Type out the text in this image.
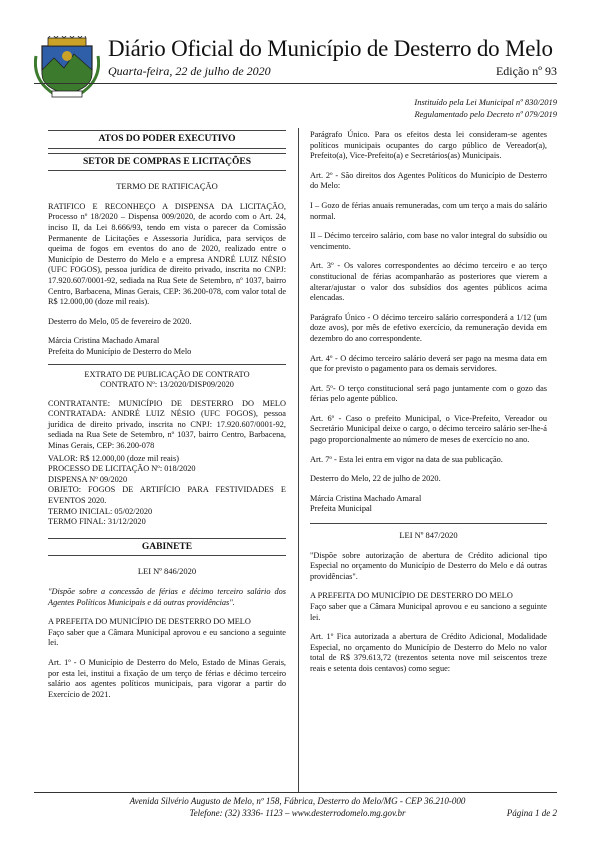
Diário Oficial do Município de Desterro do Melo
Quarta-feira, 22 de julho de 2020	Edição nº 93
Instituído pela Lei Municipal nº 830/2019
Regulamentado pelo Decreto nº 079/2019
ATOS DO PODER EXECUTIVO
SETOR DE COMPRAS E LICITAÇÕES
TERMO DE RATIFICAÇÃO

RATIFICO E RECONHEÇO A DISPENSA DA LICITAÇÃO, Processo nº 18/2020 – Dispensa 009/2020, de acordo com o Art. 24, inciso II, da Lei 8.666/93, tendo em vista o parecer da Comissão Permanente de Licitações e Assessoria Jurídica, para serviços de queima de fogos em eventos do ano de 2020, realizado entre o Município de Desterro do Melo e a empresa ANDRÉ LUIZ NÉSIO (UFC FOGOS), pessoa jurídica de direito privado, inscrita no CNPJ: 17.920.607/0001-92, sediada na Rua Sete de Setembro, nº 1037, bairro Centro, Barbacena, Minas Gerais, CEP: 36.200-078, com valor total de R$ 12.000,00 (doze mil reais).

Desterro do Melo, 05 de fevereiro de 2020.

Márcia Cristina Machado Amaral
Prefeita do Município de Desterro do Melo
EXTRATO DE PUBLICAÇÃO DE CONTRATO
CONTRATO Nº: 13/2020/DISP09/2020

CONTRATANTE: MUNICÍPIO DE DESTERRO DO MELO CONTRATADA: ANDRÉ LUIZ NÉSIO (UFC FOGOS), pessoa jurídica de direito privado, inscrita no CNPJ: 17.920.607/0001-92, sediada na Rua Sete de Setembro, nº 1037, bairro Centro, Barbacena, Minas Gerais, CEP: 36.200-078

VALOR: R$ 12.000,00 (doze mil reais)

PROCESSO DE LICITAÇÃO Nº: 018/2020

DISPENSA Nº 09/2020

OBJETO: FOGOS DE ARTIFÍCIO PARA FESTIVIDADES E EVENTOS 2020.

TERMO INICIAL: 05/02/2020

TERMO FINAL: 31/12/2020

GABINETE
LEI Nº 846/2020

"Dispõe sobre a concessão de férias e décimo terceiro salário dos Agentes Políticos Municipais e dá outras providências".

A PREFEITA DO MUNICÍPIO DE DESTERRO DO MELO

Faço saber que a Câmara Municipal aprovou e eu sanciono a seguinte lei.

Art. 1º - O Município de Desterro do Melo, Estado de Minas Gerais, por esta lei, institui a fixação de um terço de férias e décimo terceiro salário aos agentes políticos municipais, para vigorar a partir do Exercício de 2021.

Parágrafo Único. Para os efeitos desta lei consideram-se agentes políticos municipais ocupantes do cargo público de Vereador(a), Prefeito(a), Vice-Prefeito(a) e Secretários(as) Municipais.

Art. 2º - São direitos dos Agentes Políticos do Município de Desterro do Melo:

I – Gozo de férias anuais remuneradas, com um terço a mais do salário normal.

II – Décimo terceiro salário, com base no valor integral do subsídio ou vencimento.

Art. 3º - Os valores correspondentes ao décimo terceiro e ao terço constitucional de férias acompanharão as posteriores que vierem a alterar/ajustar o valor dos subsídios dos agentes públicos acima elencadas.

Parágrafo Único - O décimo terceiro salário corresponderá a 1/12 (um doze avos), por mês de efetivo exercício, da remuneração devida em dezembro do ano correspondente.

Art. 4º - O décimo terceiro salário deverá ser pago na mesma data em que for previsto o pagamento para os demais servidores.

Art. 5º- O terço constitucional será pago juntamente com o gozo das férias pelo agente público.

Art. 6º - Caso o prefeito Municipal, o Vice-Prefeito, Vereador ou Secretário Municipal deixe o cargo, o décimo terceiro salário ser-lhe-á pago proporcionalmente ao número de meses de exercício no ano.

Art. 7º - Esta lei entra em vigor na data de sua publicação.

Desterro do Melo, 22 de julho de 2020.

Márcia Cristina Machado Amaral
Prefeita Municipal
LEI Nº 847/2020

"Dispõe sobre autorização de abertura de Crédito adicional tipo Especial no orçamento do Município de Desterro do Melo e dá outras providências".

A PREFEITA DO MUNICÍPIO DE DESTERRO DO MELO

Faço saber que a Câmara Municipal aprovou e eu sanciono a seguinte lei.

Art. 1º Fica autorizada a abertura de Crédito Adicional, Modalidade Especial, no orçamento do Município de Desterro do Melo no valor total de R$ 379.613,72 (trezentos setenta nove mil seiscentos treze reais e setenta dois centavos) como segue:

Avenida Silvério Augusto de Melo, nº 158, Fábrica, Desterro do Melo/MG - CEP 36.210-000
Telefone: (32) 3336- 1123 – www.desterrodomelo.mg.gov.br	Página 1 de 2
